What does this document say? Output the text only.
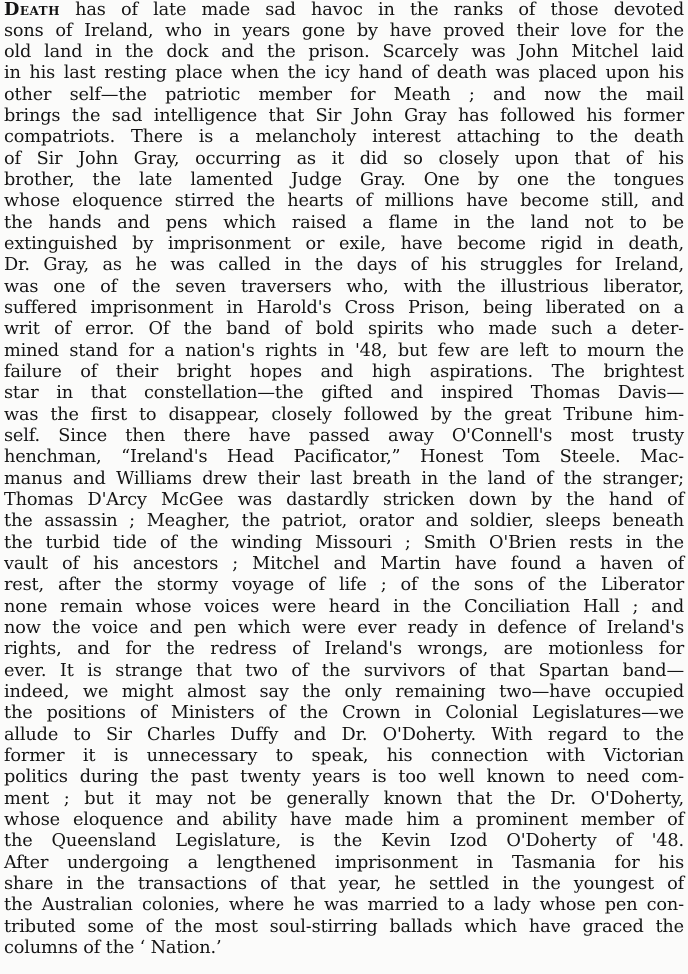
Death has of late made sad havoc in the ranks of those devoted
sons of Ireland, who in years gone by have proved their love for the
old land in the dock and the prison. Scarcely was John Mitchel laid
in his last resting place when the icy hand of death was placed upon his
other self—the patriotic member for Meath ; and now the mail
brings the sad intelligence that Sir John Gray has followed his former
compatriots. There is a melancholy interest attaching to the death
of Sir John Gray, occurring as it did so closely upon that of his
brother, the late lamented Judge Gray. One by one the tongues
whose eloquence stirred the hearts of millions have become still, and
the hands and pens which raised a flame in the land not to be
extinguished by imprisonment or exile, have become rigid in death,
Dr. Gray, as he was called in the days of his struggles for Ireland,
was one of the seven traversers who, with the illustrious liberator,
suffered imprisonment in Harold's Cross Prison, being liberated on a
writ of error. Of the band of bold spirits who made such a deter-
mined stand for a nation's rights in '48, but few are left to mourn the
failure of their bright hopes and high aspirations. The brightest
star in that constellation—the gifted and inspired Thomas Davis—
was the first to disappear, closely followed by the great Tribune him-
self. Since then there have passed away O'Connell's most trusty
henchman, “Ireland's Head Pacificator,” Honest Tom Steele. Mac-
manus and Williams drew their last breath in the land of the stranger;
Thomas D'Arcy McGee was dastardly stricken down by the hand of
the assassin ; Meagher, the patriot, orator and soldier, sleeps beneath
the turbid tide of the winding Missouri ; Smith O'Brien rests in the
vault of his ancestors ; Mitchel and Martin have found a haven of
rest, after the stormy voyage of life ; of the sons of the Liberator
none remain whose voices were heard in the Conciliation Hall ; and
now the voice and pen which were ever ready in defence of Ireland's
rights, and for the redress of Ireland's wrongs, are motionless for
ever. It is strange that two of the survivors of that Spartan band—
indeed, we might almost say the only remaining two—have occupied
the positions of Ministers of the Crown in Colonial Legislatures—we
allude to Sir Charles Duffy and Dr. O'Doherty. With regard to the
former it is unnecessary to speak, his connection with Victorian
politics during the past twenty years is too well known to need com-
ment ; but it may not be generally known that the Dr. O'Doherty,
whose eloquence and ability have made him a prominent member of
the Queensland Legislature, is the Kevin Izod O'Doherty of '48.
After undergoing a lengthened imprisonment in Tasmania for his
share in the transactions of that year, he settled in the youngest of
the Australian colonies, where he was married to a lady whose pen con-
tributed some of the most soul-stirring ballads which have graced the
columns of the ‘ Nation.’
